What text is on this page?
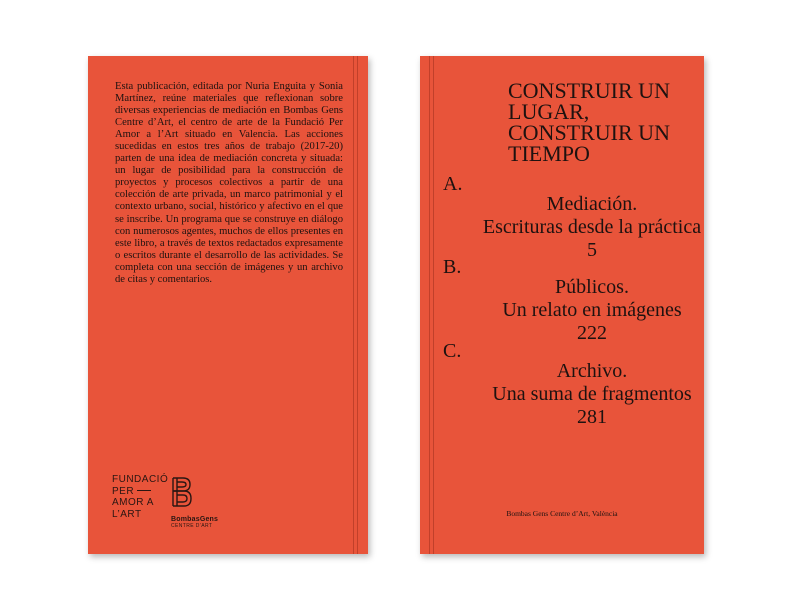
Esta publicación, editada por Nuria Enguita y Sonia Martínez, reúne materiales que reflexionan sobre diversas experiencias de mediación en Bombas Gens Centre d’Art, el centro de arte de la Fundació Per Amor a l’Art situado en Valencia. Las acciones sucedidas en estos tres años de trabajo (2017-20) parten de una idea de mediación concreta y situada: un lugar de posibilidad para la construcción de proyectos y procesos colectivos a partir de una colección de arte privada, un marco patrimonial y el contexto urbano, social, histórico y afectivo en el que se inscribe. Un programa que se construye en diálogo con numerosos agentes, muchos de ellos presentes en este libro, a través de textos redactados expresamente o escritos durante el desarrollo de las actividades. Se completa con una sección de imágenes y un archivo de citas y comentarios.
FUNDACIÓ
PER
AMOR A
L’ART	BombasGens
CENTRE D’ART
CONSTRUIR UN LUGAR, CONSTRUIR UN TIEMPO
A.
Mediación.
Escrituras desde la práctica
5
B.
Públicos.
Un relato en imágenes
222
C.
Archivo.
Una suma de fragmentos
281
Bombas Gens Centre d’Art, València
